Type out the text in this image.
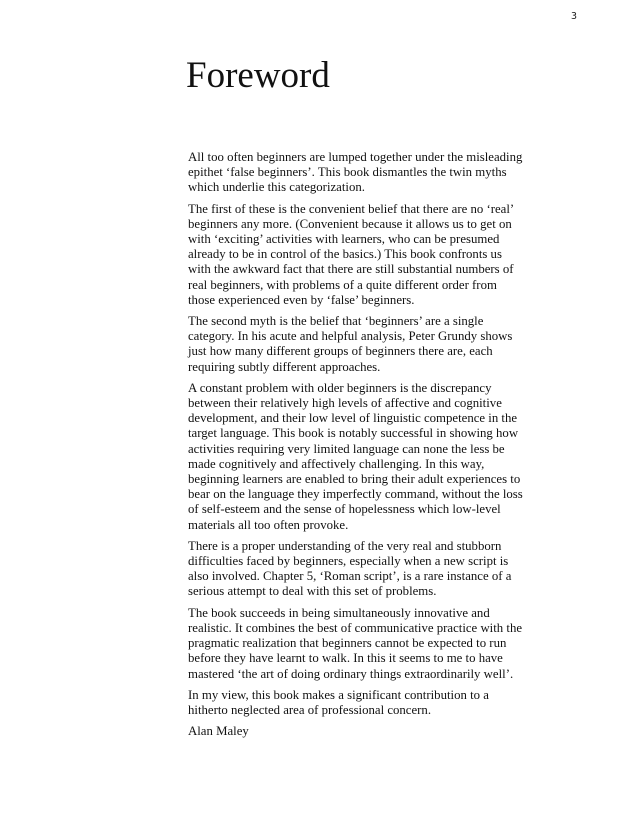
3
Foreword

All too often beginners are lumped together under the misleading
epithet ‘false beginners’. This book dismantles the twin myths
which underlie this categorization.

The first of these is the convenient belief that there are no ‘real’
beginners any more. (Convenient because it allows us to get on
with ‘exciting’ activities with learners, who can be presumed
already to be in control of the basics.) This book confronts us
with the awkward fact that there are still substantial numbers of
real beginners, with problems of a quite different order from
those experienced even by ‘false’ beginners.

The second myth is the belief that ‘beginners’ are a single
category. In his acute and helpful analysis, Peter Grundy shows
just how many different groups of beginners there are, each
requiring subtly different approaches.

A constant problem with older beginners is the discrepancy
between their relatively high levels of affective and cognitive
development, and their low level of linguistic competence in the
target language. This book is notably successful in showing how
activities requiring very limited language can none the less be
made cognitively and affectively challenging. In this way,
beginning learners are enabled to bring their adult experiences to
bear on the language they imperfectly command, without the loss
of self-esteem and the sense of hopelessness which low-level
materials all too often provoke.

There is a proper understanding of the very real and stubborn
difficulties faced by beginners, especially when a new script is
also involved. Chapter 5, ‘Roman script’, is a rare instance of a
serious attempt to deal with this set of problems.

The book succeeds in being simultaneously innovative and
realistic. It combines the best of communicative practice with the
pragmatic realization that beginners cannot be expected to run
before they have learnt to walk. In this it seems to me to have
mastered ‘the art of doing ordinary things extraordinarily well’.

In my view, this book makes a significant contribution to a
hitherto neglected area of professional concern.

Alan Maley
